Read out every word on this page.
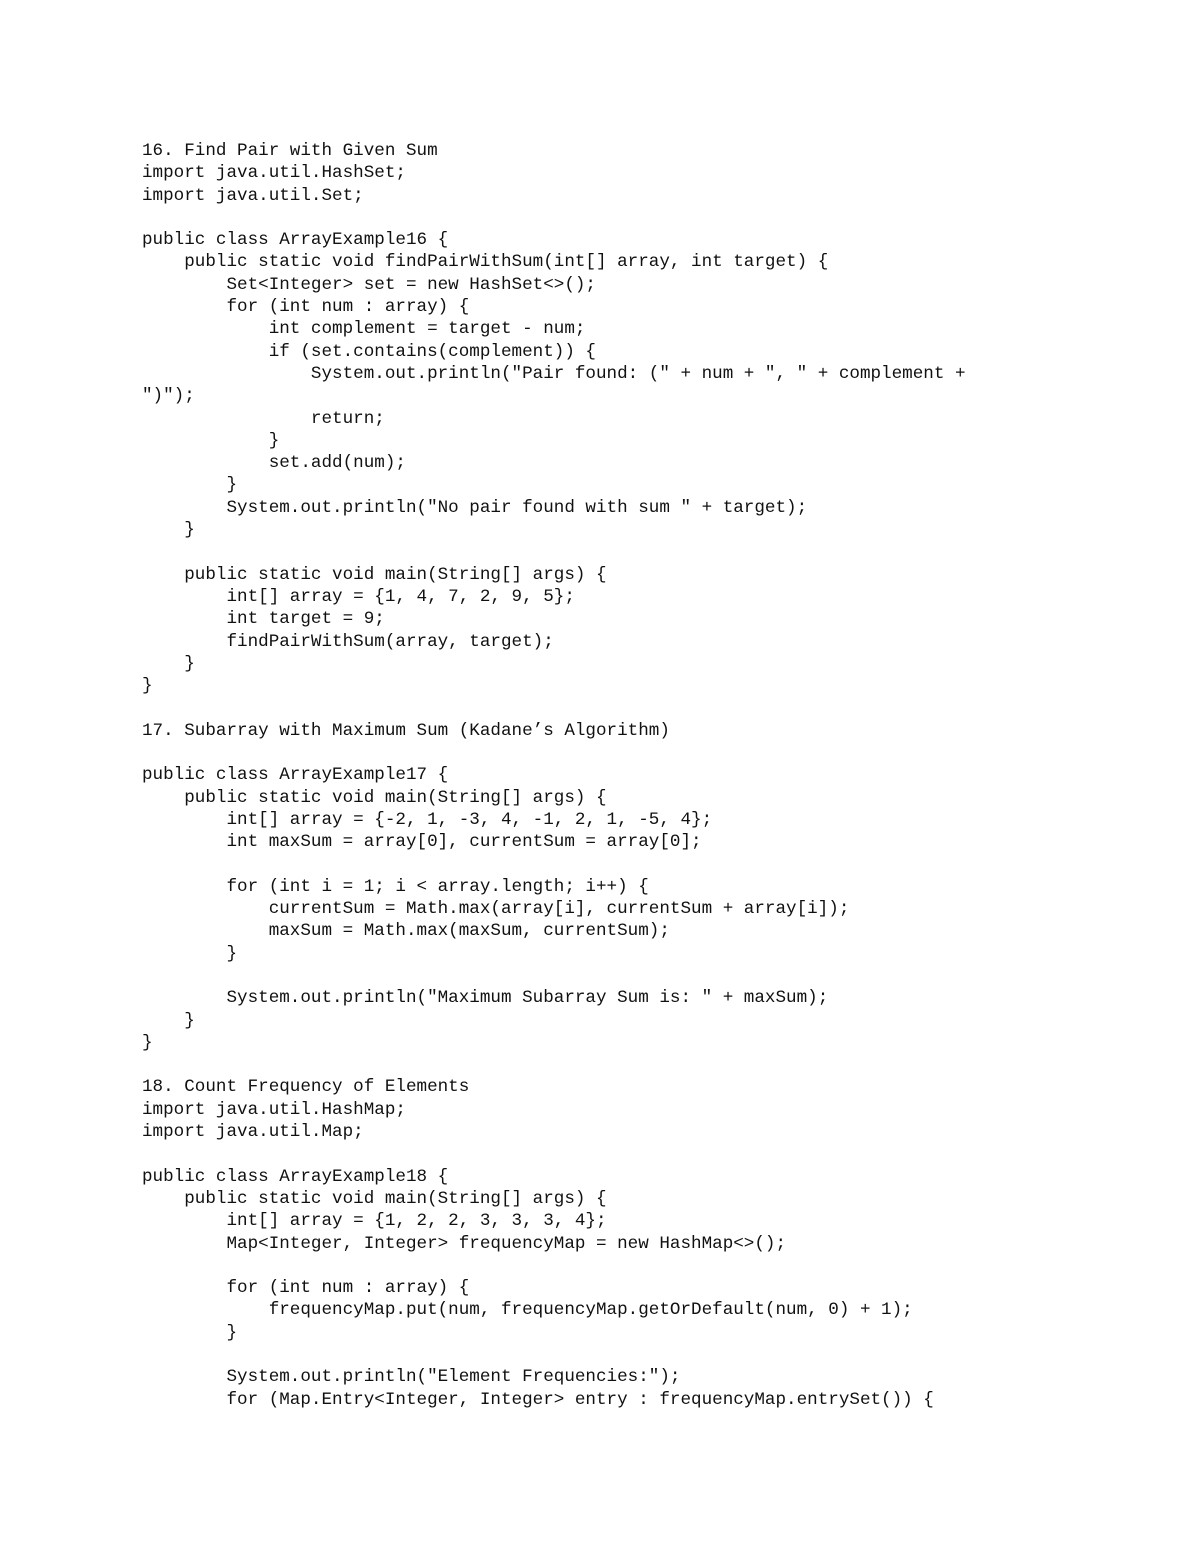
16. Find Pair with Given Sum
import java.util.HashSet;
import java.util.Set;
public class ArrayExample16 {
public static void findPairWithSum(int[] array, int target) {
Set<Integer> set = new HashSet<>();
for (int num : array) {
int complement = target - num;
if (set.contains(complement)) {
System.out.println("Pair found: (" + num + ", " + complement +
")");
return;
}
set.add(num);
}
System.out.println("No pair found with sum " + target);
}
public static void main(String[] args) {
int[] array = {1, 4, 7, 2, 9, 5};
int target = 9;
findPairWithSum(array, target);
}
}
17. Subarray with Maximum Sum (Kadane’s Algorithm)
public class ArrayExample17 {
public static void main(String[] args) {
int[] array = {-2, 1, -3, 4, -1, 2, 1, -5, 4};
int maxSum = array[0], currentSum = array[0];
for (int i = 1; i < array.length; i++) {
currentSum = Math.max(array[i], currentSum + array[i]);
maxSum = Math.max(maxSum, currentSum);
}
System.out.println("Maximum Subarray Sum is: " + maxSum);
}
}
18. Count Frequency of Elements
import java.util.HashMap;
import java.util.Map;
public class ArrayExample18 {
public static void main(String[] args) {
int[] array = {1, 2, 2, 3, 3, 3, 4};
Map<Integer, Integer> frequencyMap = new HashMap<>();
for (int num : array) {
frequencyMap.put(num, frequencyMap.getOrDefault(num, 0) + 1);
}
System.out.println("Element Frequencies:");
for (Map.Entry<Integer, Integer> entry : frequencyMap.entrySet()) {
